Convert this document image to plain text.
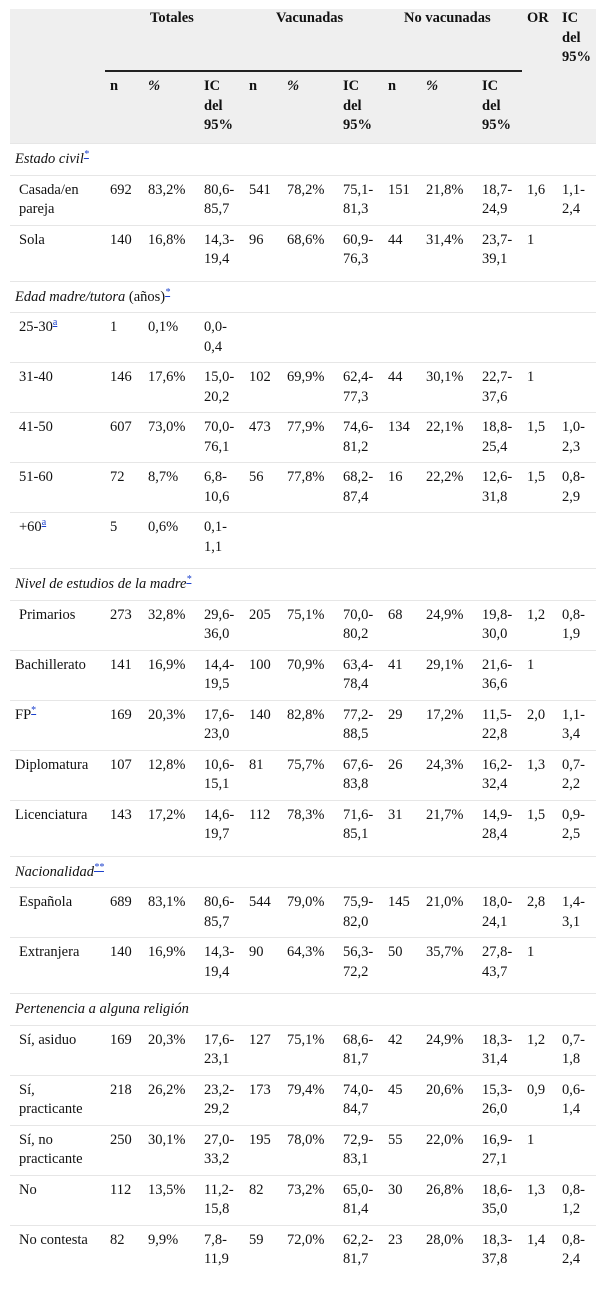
	Totales			Vacunadas			No vacunadas			OR	IC del 95%
	n	%	IC del 95%	n	%	IC del 95%	n	%	IC del 95%		
Estado civil*
Casada/en pareja	692	83,2%	80,6-85,7	541	78,2%	75,1-81,3	151	21,8%	18,7-24,9	1,6	1,1-2,4
Sola	140	16,8%	14,3-19,4	96	68,6%	60,9-76,3	44	31,4%	23,7-39,1	1	

Edad madre/tutora (años)*
25-30$^a$	1	0,1%	0,0-0,4								
31-40	146	17,6%	15,0-20,2	102	69,9%	62,4-77,3	44	30,1%	22,7-37,6	1	
41-50	607	73,0%	70,0-76,1	473	77,9%	74,6-81,2	134	22,1%	18,8-25,4	1,5	1,0-2,3
51-60	72	8,7%	6,8-10,6	56	77,8%	68,2-87,4	16	22,2%	12,6-31,8	1,5	0,8-2,9
+60$^a$	5	0,6%	0,1-1,1								

Nivel de estudios de la madre*
Primarios	273	32,8%	29,6-36,0	205	75,1%	70,0-80,2	68	24,9%	19,8-30,0	1,2	0,8-1,9
Bachillerato	141	16,9%	14,4-19,5	100	70,9%	63,4-78,4	41	29,1%	21,6-36,6	1	
FP*	169	20,3%	17,6-23,0	140	82,8%	77,2-88,5	29	17,2%	11,5-22,8	2,0	1,1-3,4
Diplomatura	107	12,8%	10,6-15,1	81	75,7%	67,6-83,8	26	24,3%	16,2-32,4	1,3	0,7-2,2
Licenciatura	143	17,2%	14,6-19,7	112	78,3%	71,6-85,1	31	21,7%	14,9-28,4	1,5	0,9-2,5

Nacionalidad**
Española	689	83,1%	80,6-85,7	544	79,0%	75,9-82,0	145	21,0%	18,0-24,1	2,8	1,4-3,1
Extranjera	140	16,9%	14,3-19,4	90	64,3%	56,3-72,2	50	35,7%	27,8-43,7	1	

Pertenencia a alguna religión											
Sí, asiduo	169	20,3%	17,6-23,1	127	75,1%	68,6-81,7	42	24,9%	18,3-31,4	1,2	0,7-1,8
Sí, practicante	218	26,2%	23,2-29,2	173	79,4%	74,0-84,7	45	20,6%	15,3-26,0	0,9	0,6-1,4
Sí, no practicante	250	30,1%	27,0-33,2	195	78,0%	72,9-83,1	55	22,0%	16,9-27,1	1	
No	112	13,5%	11,2-15,8	82	73,2%	65,0-81,4	30	26,8%	18,6-35,0	1,3	0,8-1,2
No contesta	82	9,9%	7,8-11,9	59	72,0%	62,2-81,7	23	28,0%	18,3-37,8	1,4	0,8-2,4
